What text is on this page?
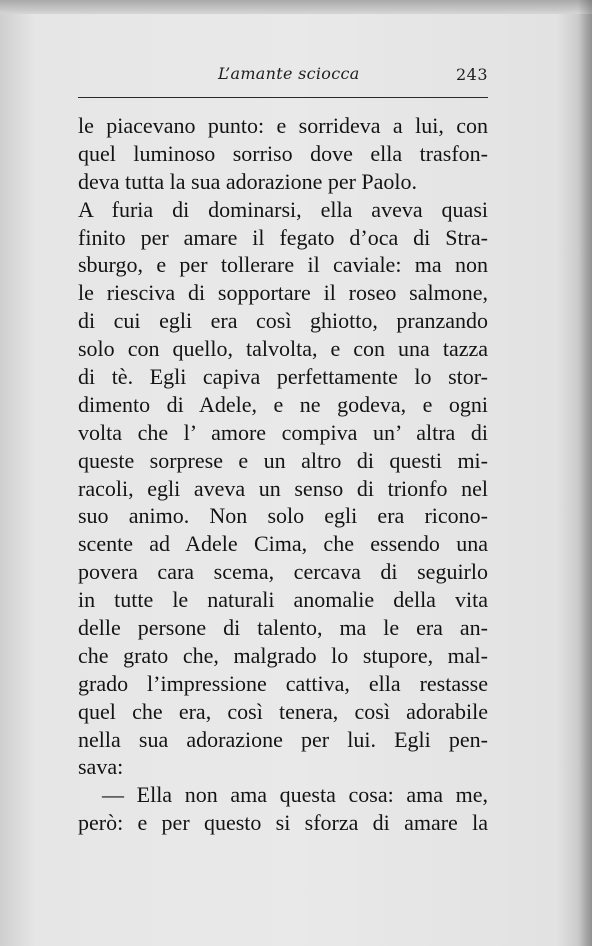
L’amante sciocca	243
le piacevano punto: e sorrideva a lui, con
quel luminoso sorriso dove ella trasfon-
deva tutta la sua adorazione per Paolo.
A furia di dominarsi, ella aveva quasi
finito per amare il fegato d’oca di Stra-
sburgo, e per tollerare il caviale: ma non
le riesciva di sopportare il roseo salmone,
di cui egli era così ghiotto, pranzando
solo con quello, talvolta, e con una tazza
di tè. Egli capiva perfettamente lo stor-
dimento di Adele, e ne godeva, e ogni
volta che l’ amore compiva un’ altra di
queste sorprese e un altro di questi mi-
racoli, egli aveva un senso di trionfo nel
suo animo. Non solo egli era ricono-
scente ad Adele Cima, che essendo una
povera cara scema, cercava di seguirlo
in tutte le naturali anomalie della vita
delle persone di talento, ma le era an-
che grato che, malgrado lo stupore, mal-
grado l’impressione cattiva, ella restasse
quel che era, così tenera, così adorabile
nella sua adorazione per lui. Egli pen-
sava:
— Ella non ama questa cosa: ama me,
però: e per questo si sforza di amare la
